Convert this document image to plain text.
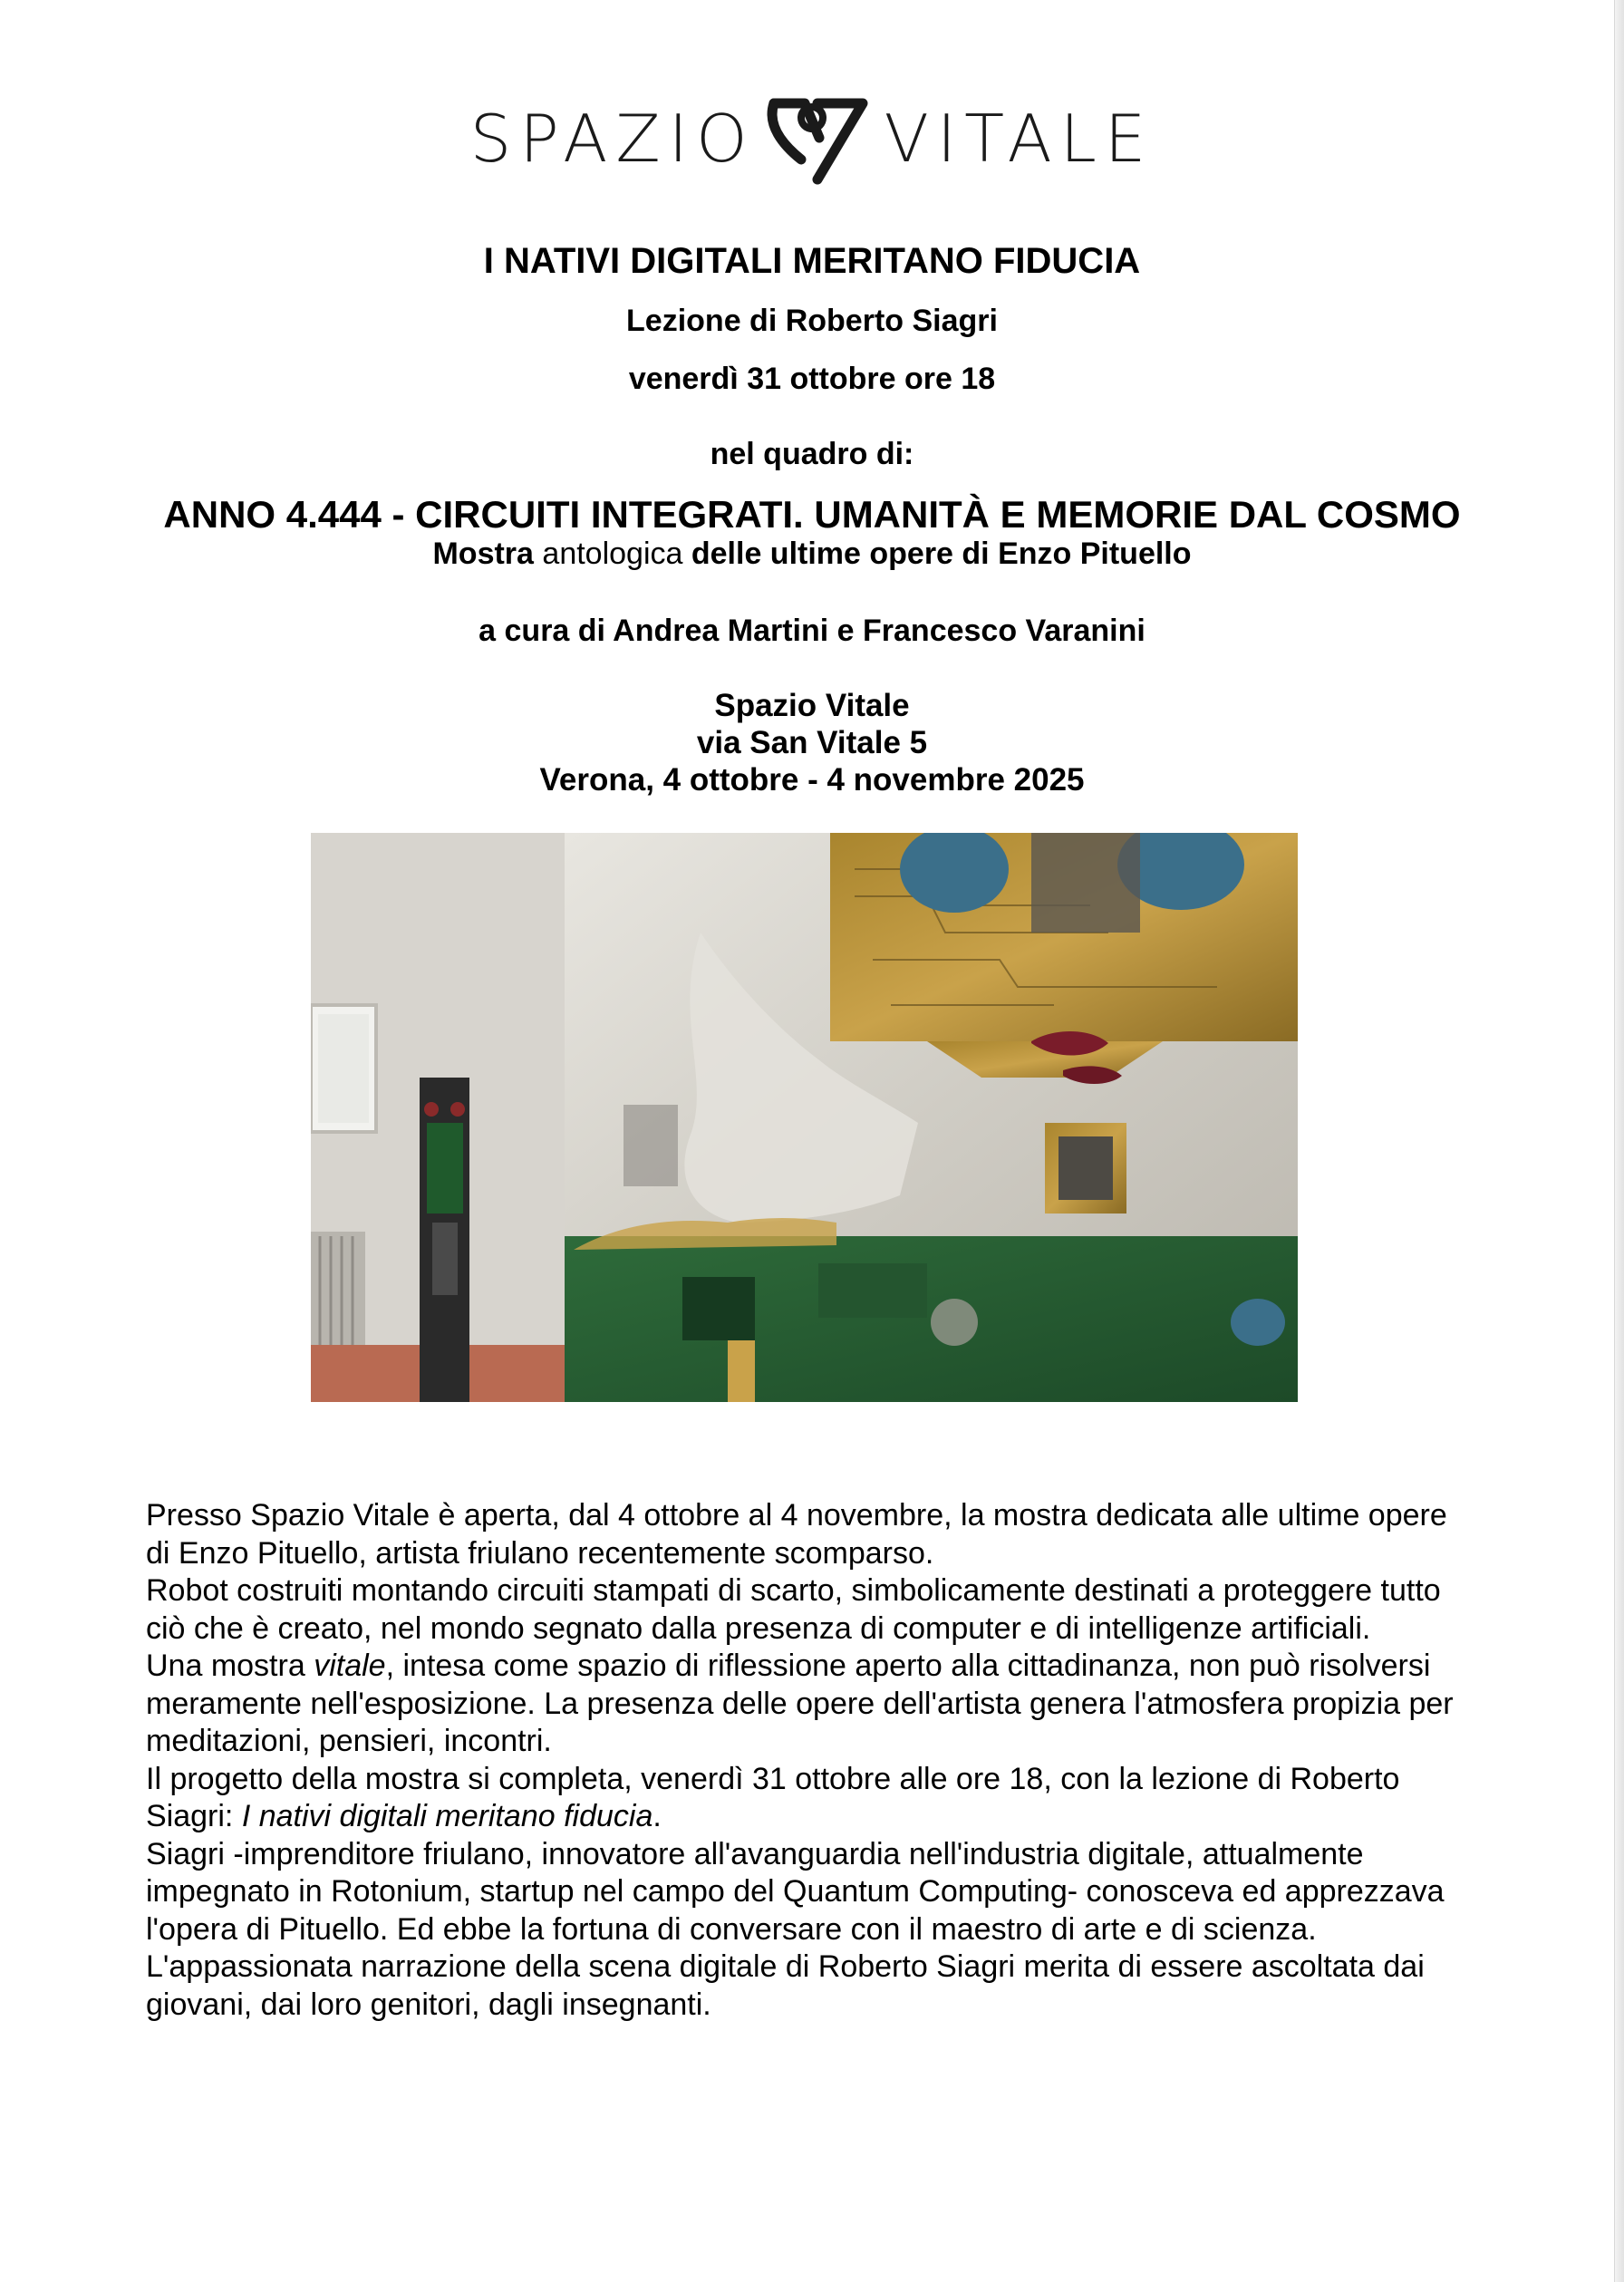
SPAZIO VITALE
I NATIVI DIGITALI MERITANO FIDUCIA
Lezione di Roberto Siagri
venerdì 31 ottobre ore 18
nel quadro di:
ANNO 4.444 - CIRCUITI INTEGRATI. UMANITÀ E MEMORIE DAL COSMO
Mostra antologica delle ultime opere di Enzo Pituello
a cura di Andrea Martini e Francesco Varanini
Spazio Vitale
via San Vitale 5
Verona, 4 ottobre - 4 novembre 2025

Presso Spazio Vitale è aperta, dal 4 ottobre al 4 novembre, la mostra dedicata alle ultime opere di Enzo Pituello, artista friulano recentemente scomparso.

Robot costruiti montando circuiti stampati di scarto, simbolicamente destinati a proteggere tutto ciò che è creato, nel mondo segnato dalla presenza di computer e di intelligenze artificiali.

Una mostra vitale, intesa come spazio di riflessione aperto alla cittadinanza, non può risolversi meramente nell'esposizione. La presenza delle opere dell'artista genera l'atmosfera propizia per meditazioni, pensieri, incontri.

Il progetto della mostra si completa, venerdì 31 ottobre alle ore 18, con la lezione di Roberto Siagri: I nativi digitali meritano fiducia.

Siagri -imprenditore friulano, innovatore all'avanguardia nell'industria digitale, attualmente impegnato in Rotonium, startup nel campo del Quantum Computing- conosceva ed apprezzava l'opera di Pituello. Ed ebbe la fortuna di conversare con il maestro di arte e di scienza.

L'appassionata narrazione della scena digitale di Roberto Siagri merita di essere ascoltata dai giovani, dai loro genitori, dagli insegnanti.
